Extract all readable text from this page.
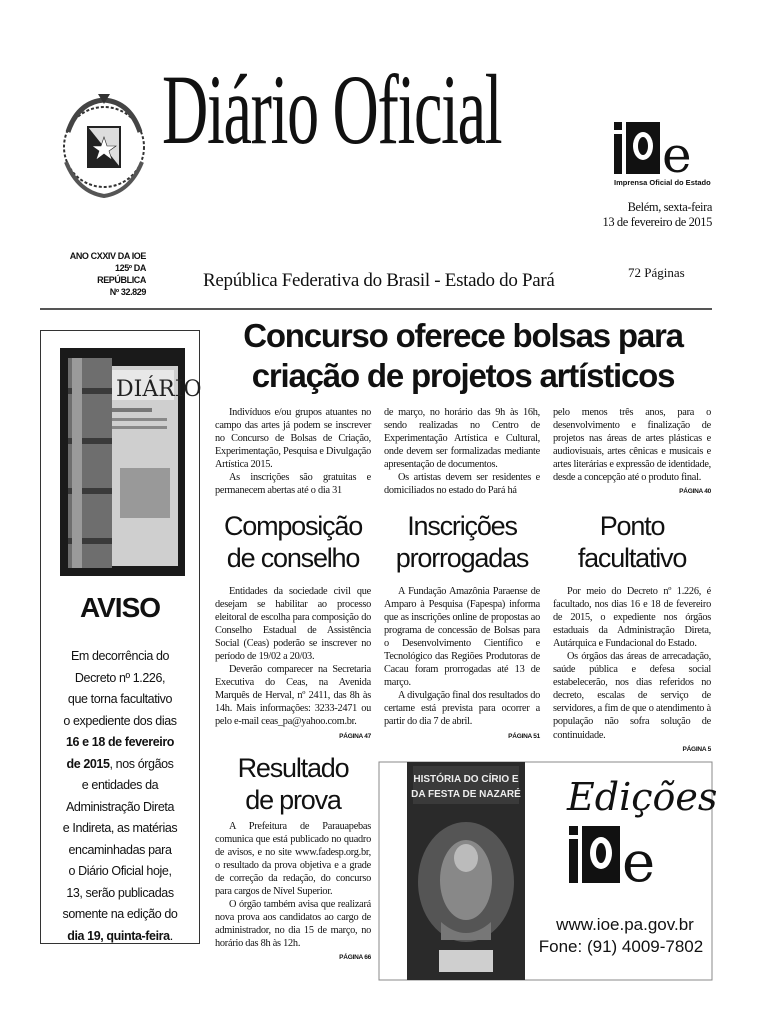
Diário Oficial	e
Imprensa Oficial do Estado
Belém, sexta-feira
13 de fevereiro de 2015
ANO CXXIV DA IOE
125º DA REPÚBLICA
Nº 32.829
República Federativa do Brasil - Estado do Pará	72 Páginas
DIÁRIO
AVISO
Em decorrência do
Decreto nº 1.226,
que torna facultativo
o expediente dos dias
16 e 18 de fevereiro
de 2015, nos órgãos
e entidades da
Administração Direta
e Indireta, as matérias
encaminhadas para
o Diário Oficial hoje,
13, serão publicadas
somente na edição do
dia 19, quinta-feira.
Concurso oferece bolsas para
criação de projetos artísticos

Indivíduos e/ou grupos atuantes no campo das artes já podem se inscrever no Concurso de Bolsas de Criação, Experimentação, Pesquisa e Divulgação Artística 2015.

As inscrições são gratuitas e permanecem abertas até o dia 31

de março, no horário das 9h às 16h, sendo realizadas no Centro de Experimentação Artística e Cultural, onde devem ser formalizadas mediante apresentação de documentos.

Os artistas devem ser residentes e domiciliados no estado do Pará há

pelo menos três anos, para o desenvolvimento e finalização de projetos nas áreas de artes plásticas e audiovisuais, artes cênicas e musicais e artes literárias e expressão de identidade, desde a concepção até o produto final.

PÁGINA 40
Composição
de conselho

Entidades da sociedade civil que desejam se habilitar ao processo eleitoral de escolha para composição do Conselho Estadual de Assistência Social (Ceas) poderão se inscrever no período de 19/02 a 20/03.

Deverão comparecer na Secretaria Executiva do Ceas, na Avenida Marquês de Herval, nº 2411, das 8h às 14h. Mais informações: 3233-2471 ou pelo e-mail ceas_pa@yahoo.com.br.

PÁGINA 47
Inscrições
prorrogadas

A Fundação Amazônia Paraense de Amparo à Pesquisa (Fapespa) informa que as inscrições online de propostas ao programa de concessão de Bolsas para o Desenvolvimento Científico e Tecnológico das Regiões Produtoras de Cacau foram prorrogadas até 13 de março.

A divulgação final dos resultados do certame está prevista para ocorrer a partir do dia 7 de abril.

PÁGINA 51
Ponto
facultativo

Por meio do Decreto nº 1.226, é facultado, nos dias 16 e 18 de fevereiro de 2015, o expediente nos órgãos estaduais da Administração Direta, Autárquica e Fundacional do Estado.

Os órgãos das áreas de arrecadação, saúde pública e defesa social estabelecerão, nos dias referidos no decreto, escalas de serviço de servidores, a fim de que o atendimento à população não sofra solução de continuidade.

PÁGINA 5
Resultado
de prova

A Prefeitura de Parauapebas comunica que está publicado no quadro de avisos, e no site www.fadesp.org.br, o resultado da prova objetiva e a grade de correção da redação, do concurso para cargos de Nível Superior.

O órgão também avisa que realizará nova prova aos candidatos ao cargo de administrador, no dia 15 de março, no horário das 8h às 12h.

PÁGINA 66
HISTÓRIA DO CÍRIO E
DA FESTA DE NAZARÉ Edições
e
www.ioe.pa.gov.br
Fone: (91) 4009-7802
